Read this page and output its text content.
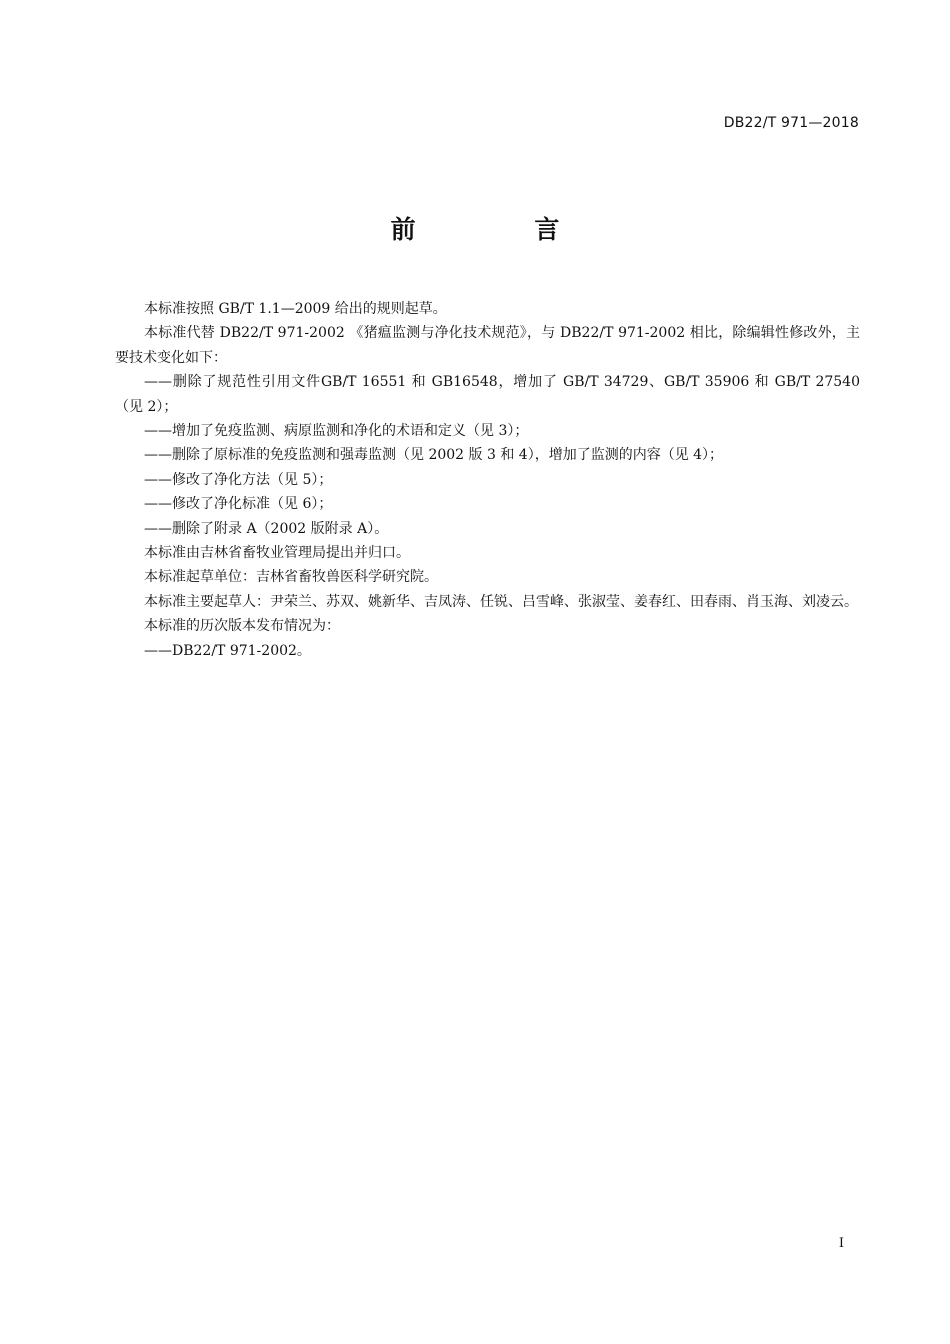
DB22/T 971—2018
前 言

本标准按照 GB/T 1.1—2009 给出的规则起草。

本标准代替 DB22/T 971-2002 《猪瘟监测与净化技术规范》，与 DB22/T 971-2002 相比，除编辑性修改外，主要技术变化如下：

——删除了规范性引用文件GB/T 16551 和 GB16548，增加了 GB/T 34729、GB/T 35906 和 GB/T 27540（见 2）；

——增加了免疫监测、病原监测和净化的术语和定义（见 3）；

——删除了原标准的免疫监测和强毒监测（见 2002 版 3 和 4），增加了监测的内容（见 4）；

——修改了净化方法（见 5）；

——修改了净化标准（见 6）；

——删除了附录 A（2002 版附录 A）。

本标准由吉林省畜牧业管理局提出并归口。

本标准起草单位：吉林省畜牧兽医科学研究院。

本标准主要起草人：尹荣兰、苏双、姚新华、吉凤涛、任锐、吕雪峰、张淑莹、姜春红、田春雨、肖玉海、刘凌云。

本标准的历次版本发布情况为：

——DB22/T 971-2002。

I
